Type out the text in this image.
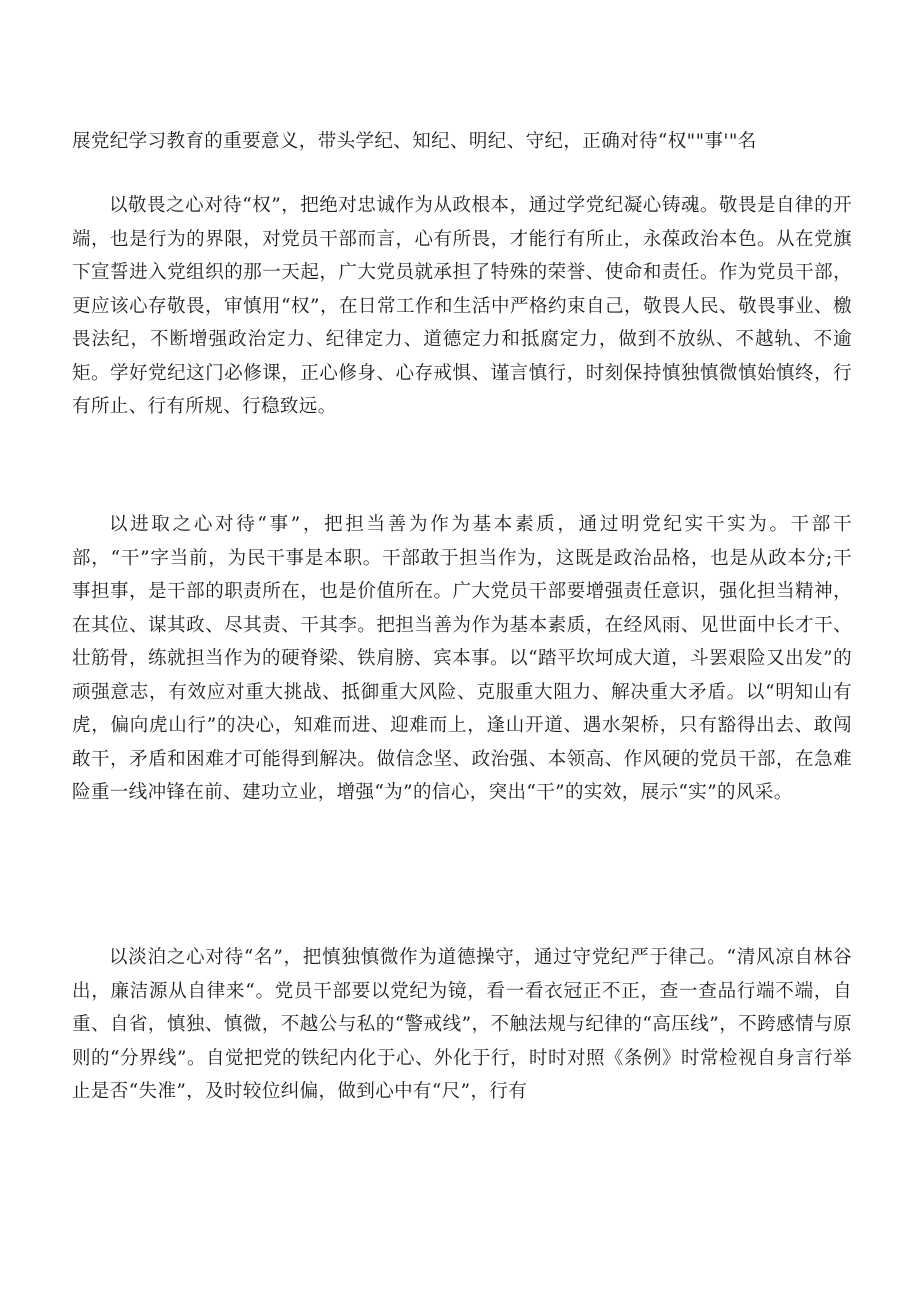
展党纪学习教育的重要意义，带头学纪、知纪、明纪、守纪，正确对待“权""事'"名

以敬畏之心对待“权”，把绝对忠诚作为从政根本，通过学党纪凝心铸魂。敬畏是自律的开端，也是行为的界限，对党员干部而言，心有所畏，才能行有所止，永葆政治本色。从在党旗下宣誓进入党组织的那一天起，广大党员就承担了特殊的荣誉、使命和责任。作为党员干部，更应该心存敬畏，审慎用“权”，在日常工作和生活中严格约束自己，敬畏人民、敬畏事业、檄畏法纪，不断增强政治定力、纪律定力、道德定力和抵腐定力，做到不放纵、不越轨、不逾矩。学好党纪这门必修课，正心修身、心存戒惧、谨言慎行，时刻保持慎独慎微慎始慎终，行有所止、行有所规、行稳致远。

以进取之心对待“事”，把担当善为作为基本素质，通过明党纪实干实为。干部干部，“干”字当前，为民干事是本职。干部敢于担当作为，这既是政治品格，也是从政本分;干事担事，是干部的职责所在，也是价值所在。广大党员干部要增强责任意识，强化担当精神，在其位、谋其政、尽其责、干其李。把担当善为作为基本素质，在经风雨、见世面中长才干、壮筋骨，练就担当作为的硬脊梁、铁肩膀、宾本事。以“踏平坎坷成大道，斗罢艰险又出发”的顽强意志，有效应对重大挑战、抵御重大风险、克服重大阻力、解决重大矛盾。以“明知山有虎，偏向虎山行”的决心，知难而进、迎难而上，逢山开道、遇水架桥，只有豁得出去、敢闯敢干，矛盾和困难才可能得到解决。做信念坚、政治强、本领高、作风硬的党员干部，在急难险重一线冲锋在前、建功立业，增强“为”的信心，突出“干”的实效，展示“实”的风采。

以淡泊之心对待“名”，把慎独慎微作为道德操守，通过守党纪严于律己。“清风凉自林谷出，廉洁源从自律来“。党员干部要以党纪为镜，看一看衣冠正不正，查一查品行端不端，自重、自省，慎独、慎微，不越公与私的“警戒线”，不触法规与纪律的“高压线”，不跨感情与原则的“分界线”。自觉把党的铁纪内化于心、外化于行，时时对照《条例》时常检视自身言行举止是否“失准”，及时较位纠偏，做到心中有“尺”，行有
